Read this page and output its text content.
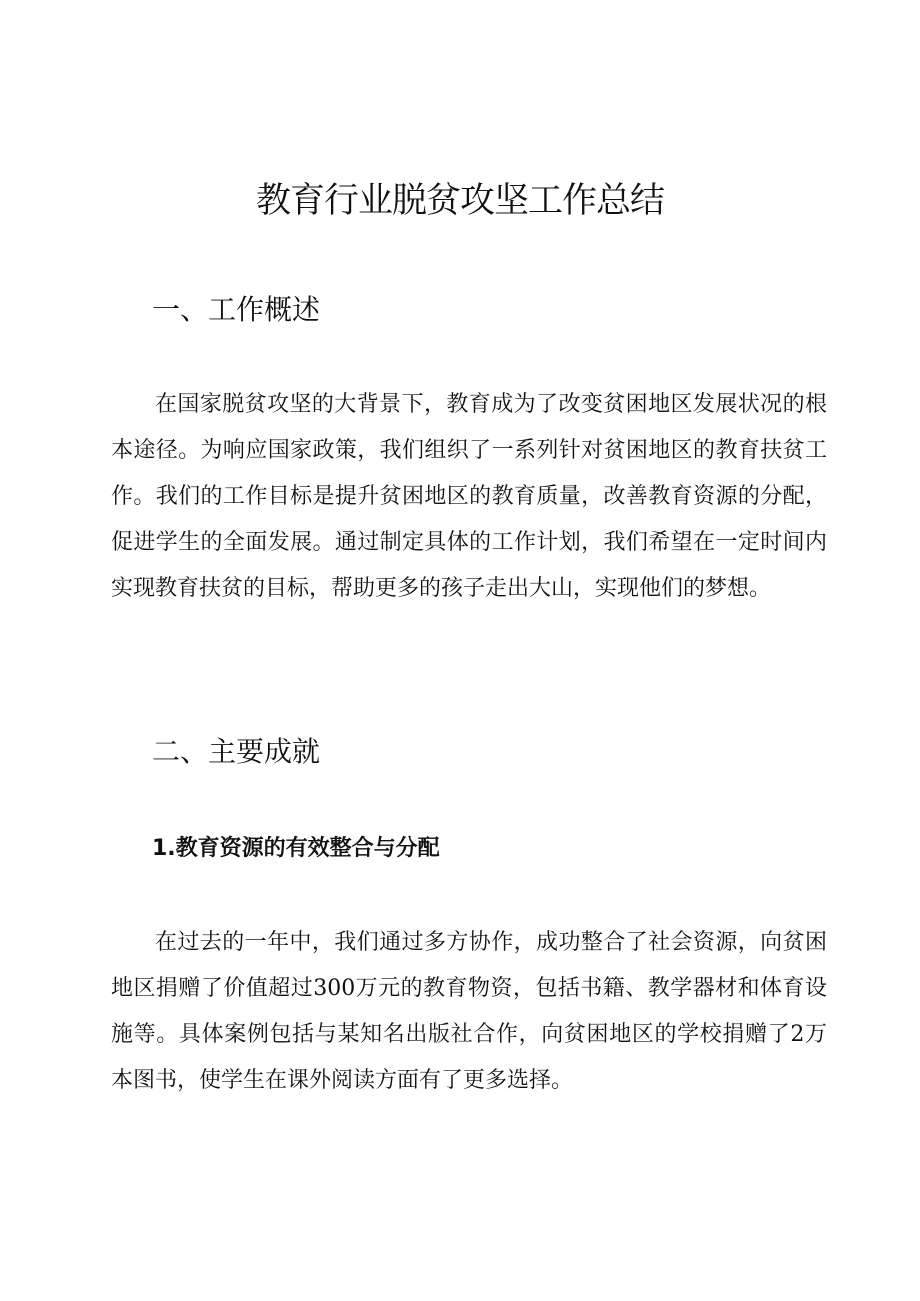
教育行业脱贫攻坚工作总结
一、工作概述

在国家脱贫攻坚的大背景下，教育成为了改变贫困地区发展状况的根本途径。为响应国家政策，我们组织了一系列针对贫困地区的教育扶贫工作。我们的工作目标是提升贫困地区的教育质量，改善教育资源的分配，促进学生的全面发展。通过制定具体的工作计划，我们希望在一定时间内实现教育扶贫的目标，帮助更多的孩子走出大山，实现他们的梦想。

二、主要成就
1.教育资源的有效整合与分配

在过去的一年中，我们通过多方协作，成功整合了社会资源，向贫困地区捐赠了价值超过300万元的教育物资，包括书籍、教学器材和体育设施等。具体案例包括与某知名出版社合作，向贫困地区的学校捐赠了2万本图书，使学生在课外阅读方面有了更多选择。
